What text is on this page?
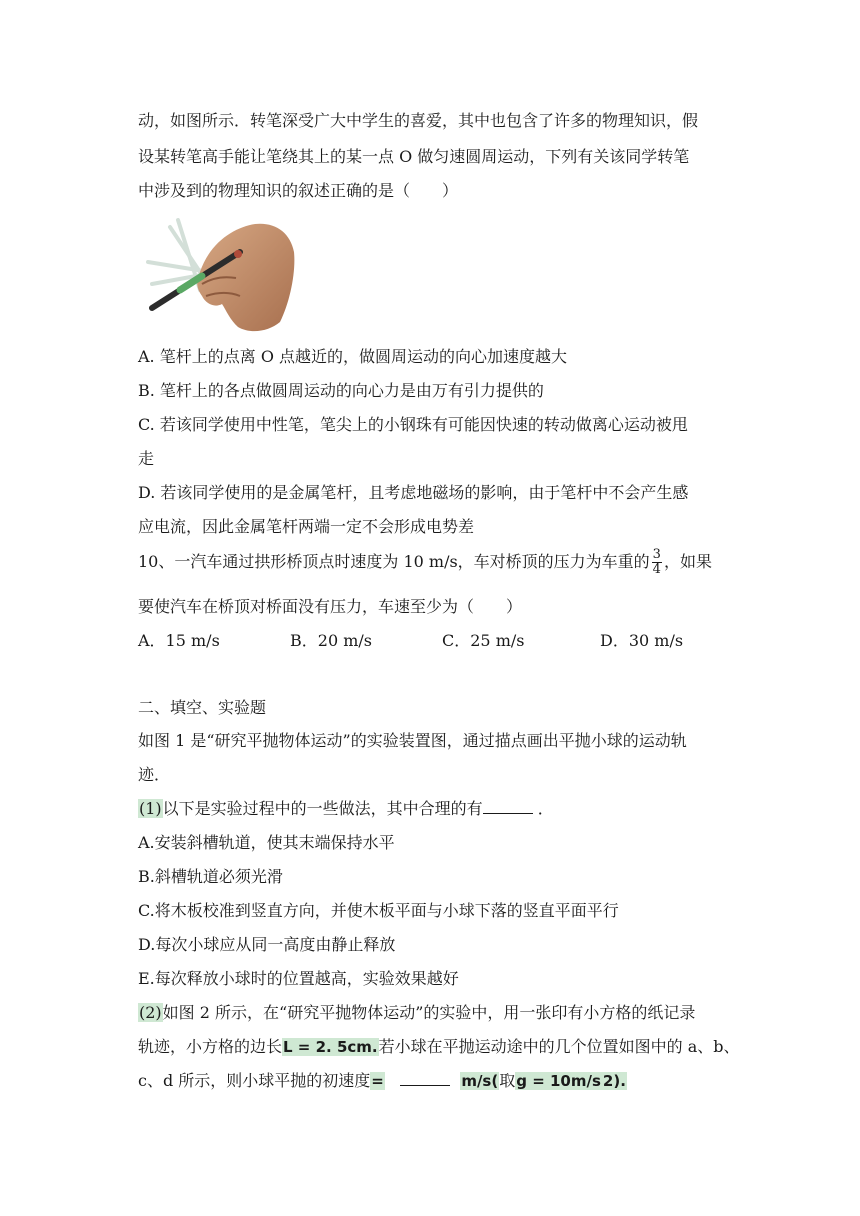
动，如图所示．转笔深受广大中学生的喜爱，其中也包含了许多的物理知识，假
设某转笔高手能让笔绕其上的某一点 O 做匀速圆周运动，下列有关该同学转笔
中涉及到的物理知识的叙述正确的是（　　）
A. 笔杆上的点离 O 点越近的，做圆周运动的向心加速度越大
B. 笔杆上的各点做圆周运动的向心力是由万有引力提供的
C. 若该同学使用中性笔，笔尖上的小钢珠有可能因快速的转动做离心运动被甩
走
D. 若该同学使用的是金属笔杆，且考虑地磁场的影响，由于笔杆中不会产生感
应电流，因此金属笔杆两端一定不会形成电势差
10、一汽车通过拱形桥顶点时速度为 10 m/s，车对桥顶的压力为车重的 $\frac{3}{4}$ ，如果
要使汽车在桥顶对桥面没有压力，车速至少为（　　）
A．15 m/s	B．20 m/s	C．25 m/s	D．30 m/s
二、填空、实验题
如图 1 是“研究平抛物体运动”的实验装置图，通过描点画出平抛小球的运动轨
迹．
(1)以下是实验过程中的一些做法，其中合理的有	．
A.安装斜槽轨道，使其末端保持水平
B.斜槽轨道必须光滑
C.将木板校准到竖直方向，并使木板平面与小球下落的竖直平面平行
D.每次小球应从同一高度由静止释放
E.每次释放小球时的位置越高，实验效果越好
(2)如图 2 所示，在“研究平抛物体运动”的实验中，用一张印有小方格的纸记录
轨迹，小方格的边长L = 2. 5cm.若小球在平抛运动途中的几个位置如图中的 a、b、
c、d 所示，则小球平抛的初速度=	m/s(取g = 10m/s 2).
